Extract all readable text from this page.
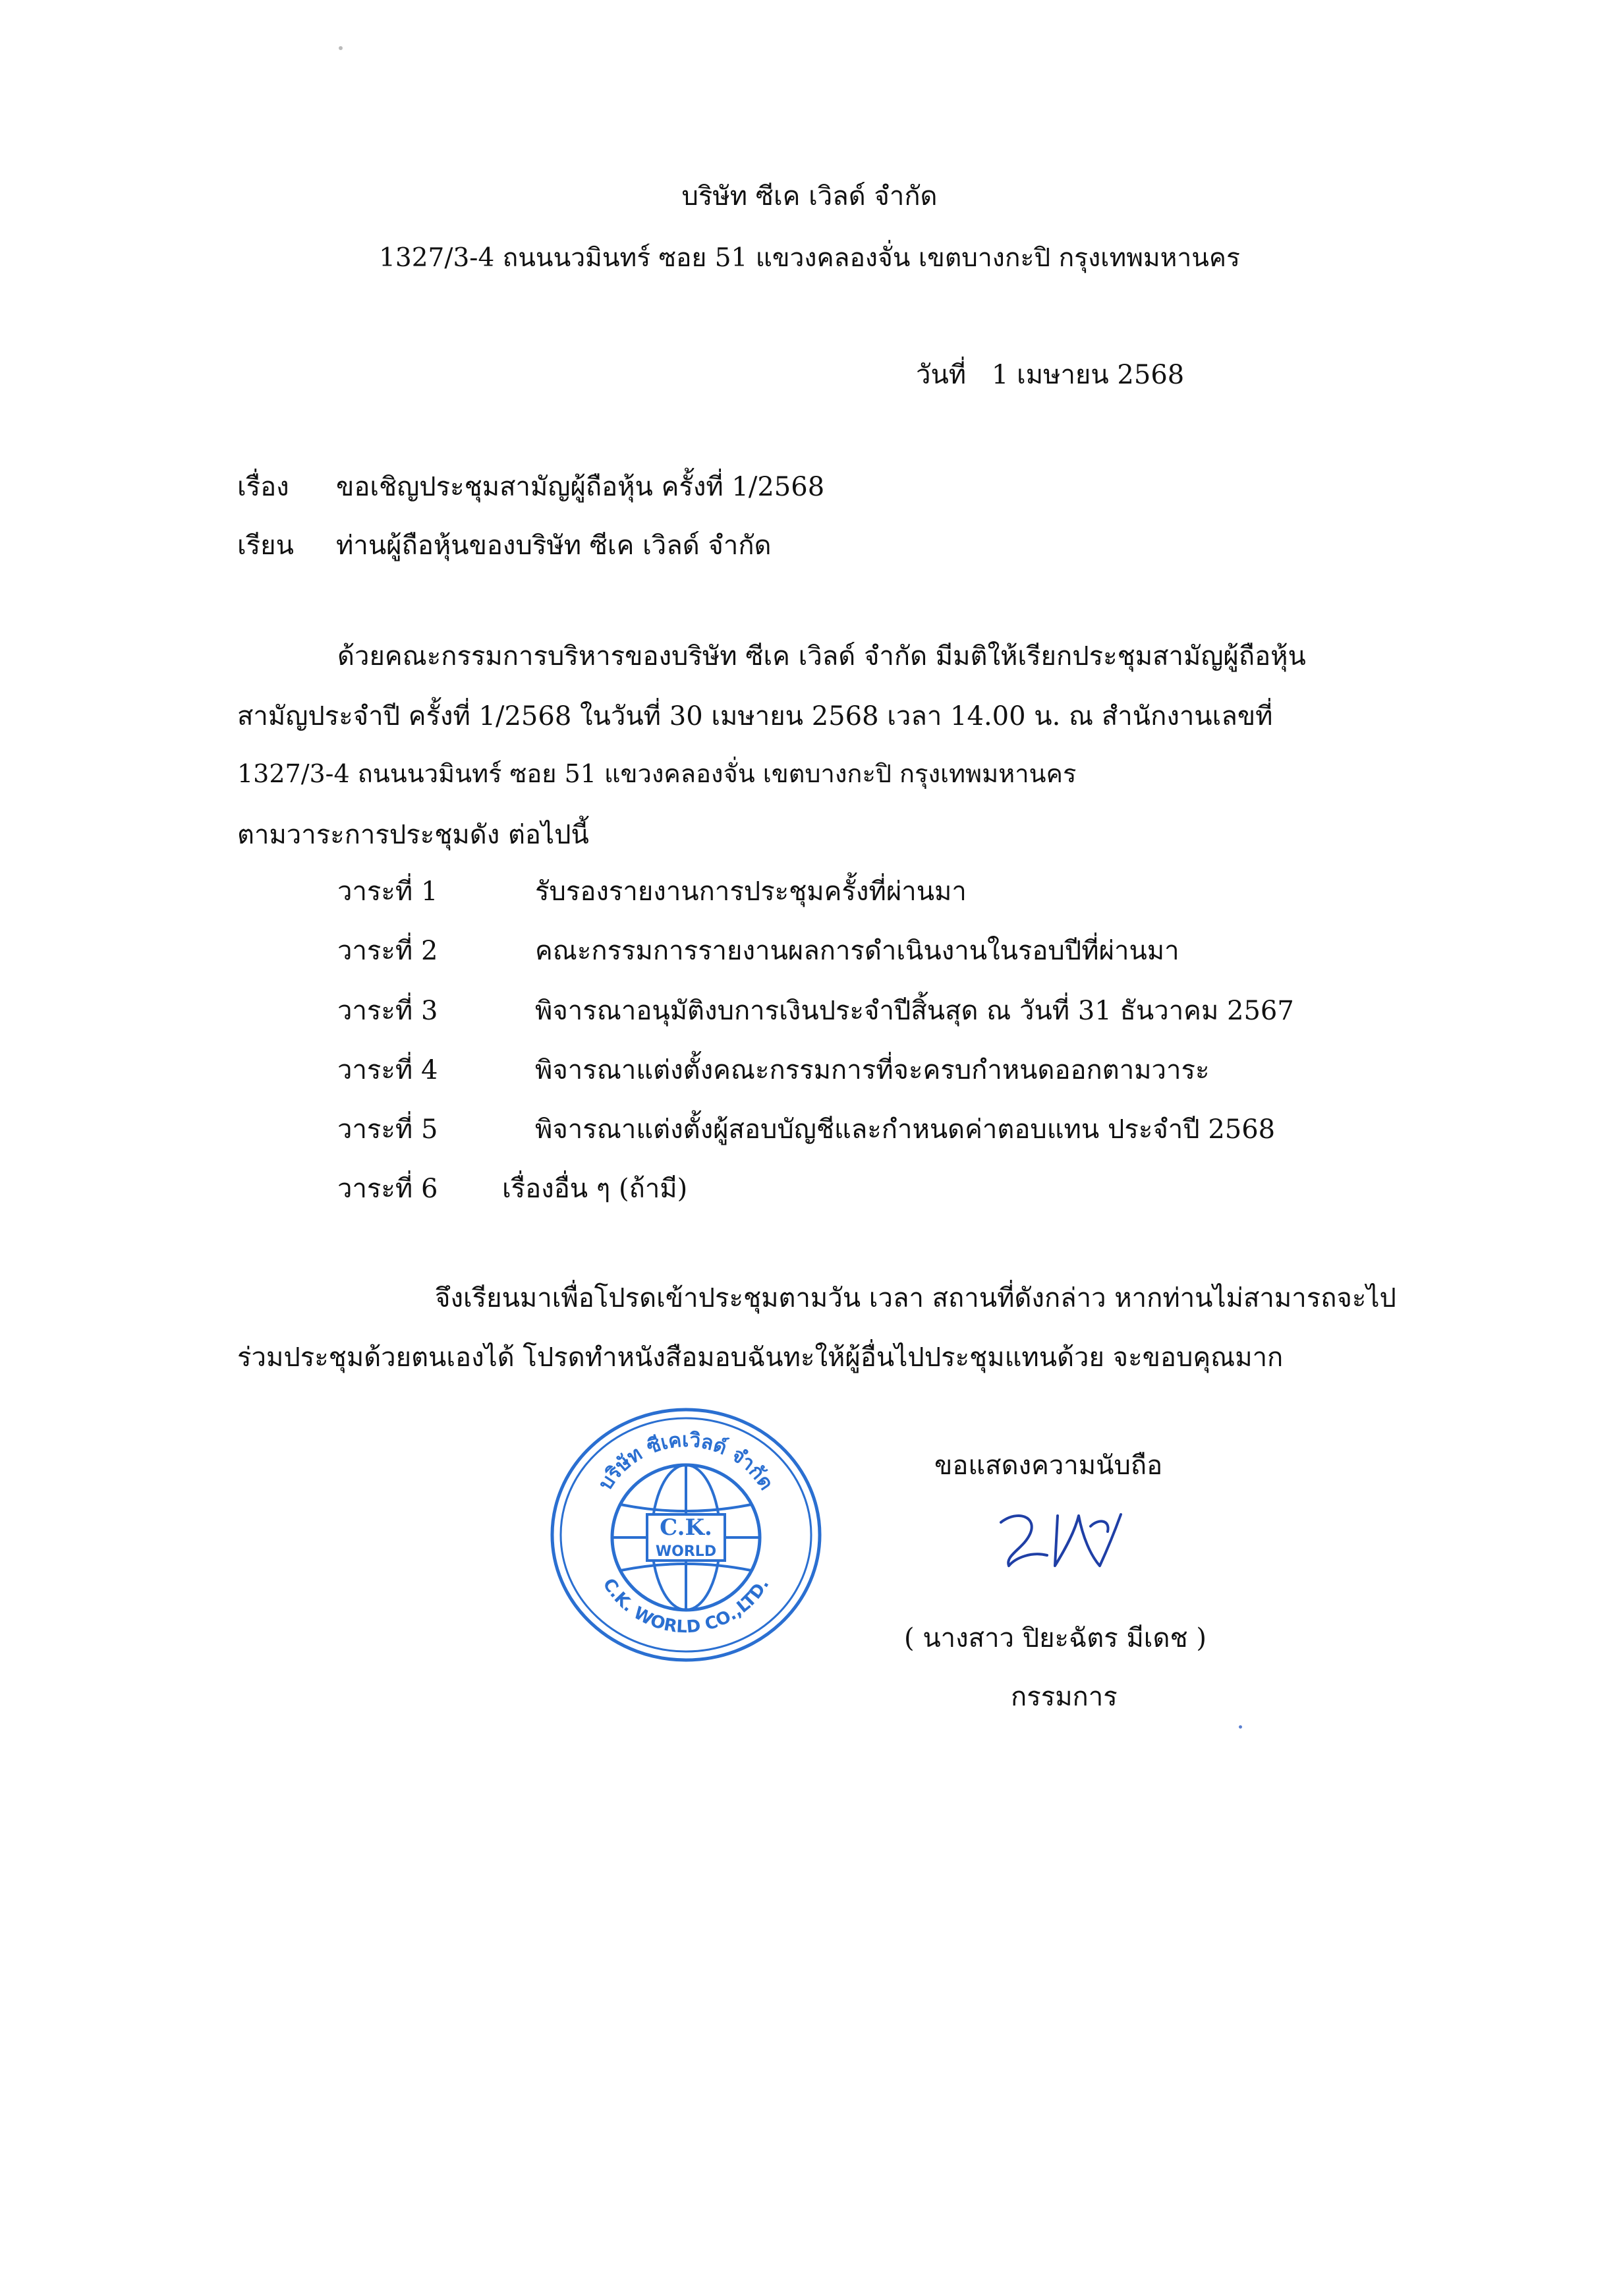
บริษัท ซีเค เวิลด์ จำกัด
1327/3-4 ถนนนวมินทร์ ซอย 51 แขวงคลองจั่น เขตบางกะปิ กรุงเทพมหานคร
วันที่ 1 เมษายน 2568
เรื่อง ขอเชิญประชุมสามัญผู้ถือหุ้น ครั้งที่ 1/2568
เรียน ท่านผู้ถือหุ้นของบริษัท ซีเค เวิลด์ จำกัด
ด้วยคณะกรรมการบริหารของบริษัท ซีเค เวิลด์ จำกัด มีมติให้เรียกประชุมสามัญผู้ถือหุ้น
สามัญประจำปี ครั้งที่ 1/2568 ในวันที่ 30 เมษายน 2568 เวลา 14.00 น. ณ สำนักงานเลขที่
1327/3-4 ถนนนวมินทร์ ซอย 51 แขวงคลองจั่น เขตบางกะปิ กรุงเทพมหานคร
ตามวาระการประชุมดัง ต่อไปนี้
วาระที่ 1	รับรองรายงานการประชุมครั้งที่ผ่านมา
วาระที่ 2	คณะกรรมการรายงานผลการดำเนินงานในรอบปีที่ผ่านมา
วาระที่ 3	พิจารณาอนุมัติงบการเงินประจำปีสิ้นสุด ณ วันที่ 31 ธันวาคม 2567
วาระที่ 4	พิจารณาแต่งตั้งคณะกรรมการที่จะครบกำหนดออกตามวาระ
วาระที่ 5	พิจารณาแต่งตั้งผู้สอบบัญชีและกำหนดค่าตอบแทน ประจำปี 2568
วาระที่ 6 เรื่องอื่น ๆ (ถ้ามี)
จึงเรียนมาเพื่อโปรดเข้าประชุมตามวัน เวลา สถานที่ดังกล่าว หากท่านไม่สามารถจะไป
ร่วมประชุมด้วยตนเองได้ โปรดทำหนังสือมอบฉันทะให้ผู้อื่นไปประชุมแทนด้วย จะขอบคุณมาก
บริษัท ซีเคเวิลด์ จำกัด
C.K.
WORLD
C.K. WORLD CO.,LTD.
ขอแสดงความนับถือ
( นางสาว ปิยะฉัตร มีเดช )
กรรมการ
